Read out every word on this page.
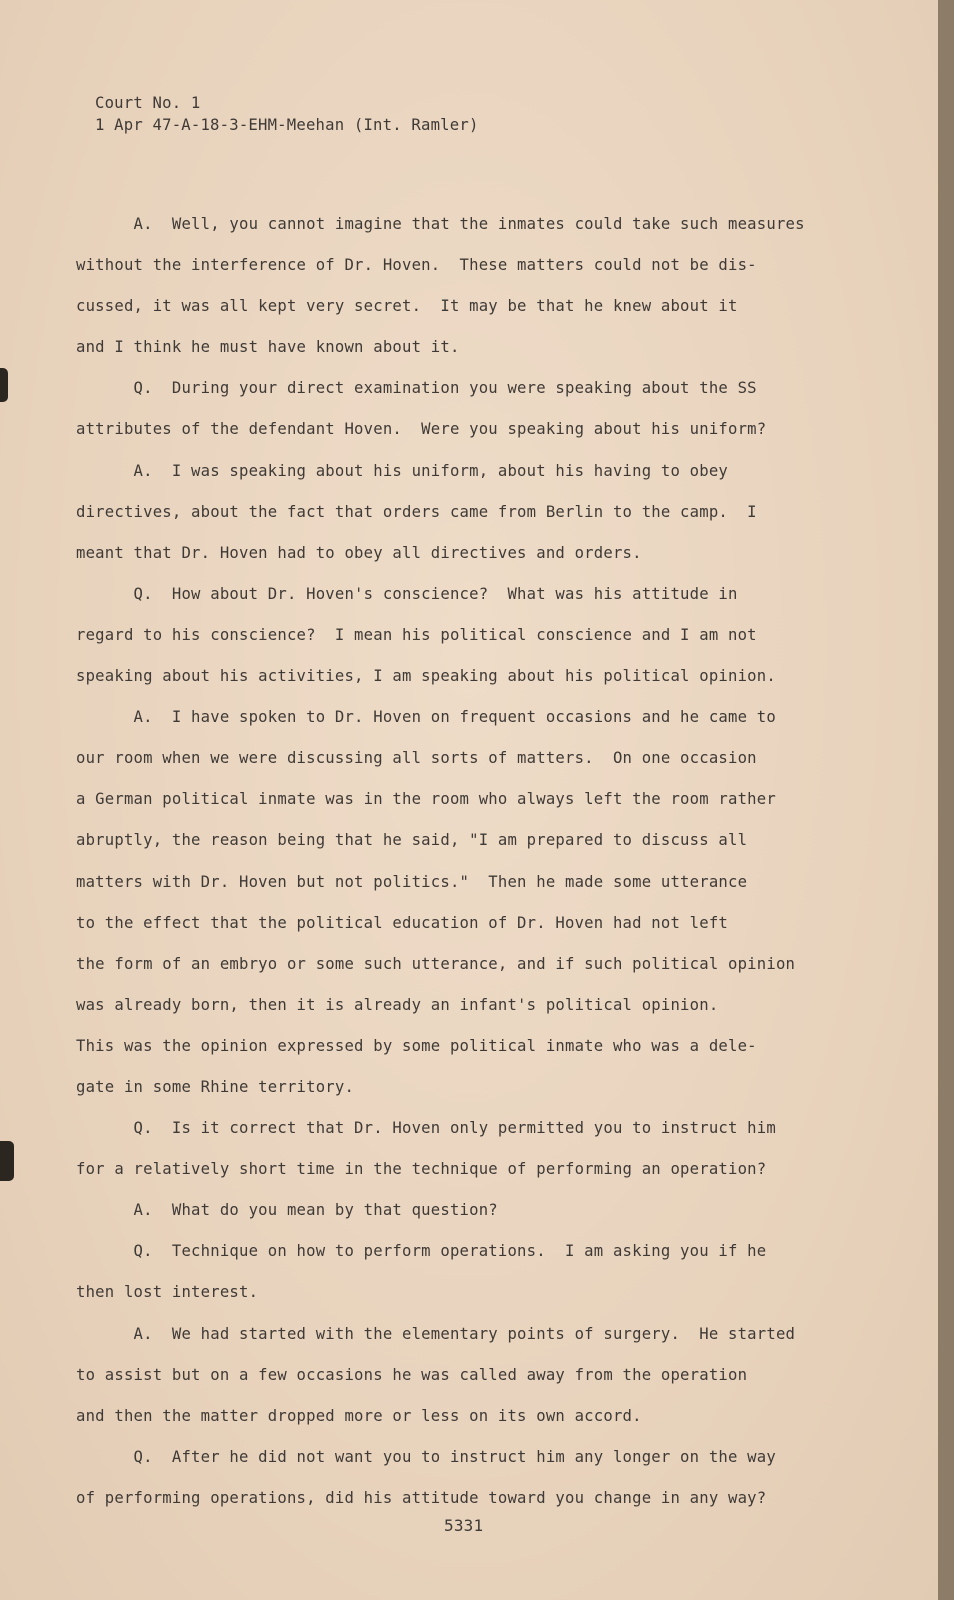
Court No. 1
1 Apr 47-A-18-3-EHM-Meehan (Int. Ramler)
A.  Well, you cannot imagine that the inmates could take such measures
without the interference of Dr. Hoven.  These matters could not be dis-
cussed, it was all kept very secret.  It may be that he knew about it
and I think he must have known about it.
Q.  During your direct examination you were speaking about the SS
attributes of the defendant Hoven.  Were you speaking about his uniform?
A.  I was speaking about his uniform, about his having to obey
directives, about the fact that orders came from Berlin to the camp.  I
meant that Dr. Hoven had to obey all directives and orders.
Q.  How about Dr. Hoven's conscience?  What was his attitude in
regard to his conscience?  I mean his political conscience and I am not
speaking about his activities, I am speaking about his political opinion.
A.  I have spoken to Dr. Hoven on frequent occasions and he came to
our room when we were discussing all sorts of matters.  On one occasion
a German political inmate was in the room who always left the room rather
abruptly, the reason being that he said, "I am prepared to discuss all
matters with Dr. Hoven but not politics."  Then he made some utterance
to the effect that the political education of Dr. Hoven had not left
the form of an embryo or some such utterance, and if such political opinion
was already born, then it is already an infant's political opinion.
This was the opinion expressed by some political inmate who was a dele-
gate in some Rhine territory.
Q.  Is it correct that Dr. Hoven only permitted you to instruct him
for a relatively short time in the technique of performing an operation?
A.  What do you mean by that question?
Q.  Technique on how to perform operations.  I am asking you if he
then lost interest.
A.  We had started with the elementary points of surgery.  He started
to assist but on a few occasions he was called away from the operation
and then the matter dropped more or less on its own accord.
Q.  After he did not want you to instruct him any longer on the way
of performing operations, did his attitude toward you change in any way?
5331
